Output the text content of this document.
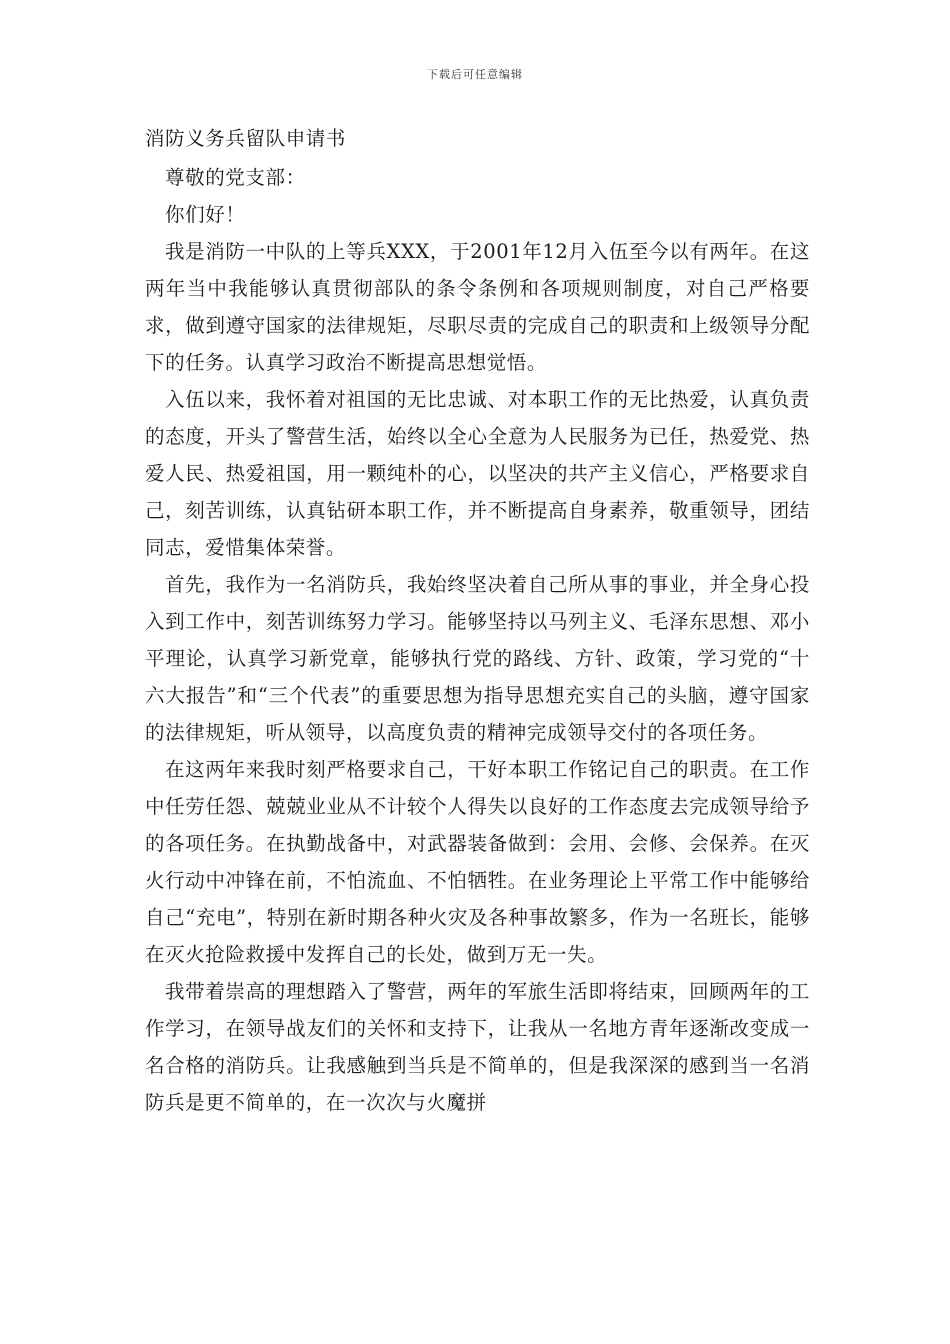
下载后可任意编辑

消防义务兵留队申请书

尊敬的党支部：

你们好！

我是消防一中队的上等兵XXX，于2001年12月入伍至今以有两年。在这两年当中我能够认真贯彻部队的条令条例和各项规则制度，对自己严格要求，做到遵守国家的法律规矩，尽职尽责的完成自己的职责和上级领导分配下的任务。认真学习政治不断提高思想觉悟。

入伍以来，我怀着对祖国的无比忠诚、对本职工作的无比热爱，认真负责的态度，开头了警营生活，始终以全心全意为人民服务为已任，热爱党、热爱人民、热爱祖国，用一颗纯朴的心，以坚决的共产主义信心，严格要求自己，刻苦训练，认真钻研本职工作，并不断提高自身素养，敬重领导，团结同志，爱惜集体荣誉。

首先，我作为一名消防兵，我始终坚决着自己所从事的事业，并全身心投入到工作中，刻苦训练努力学习。能够坚持以马列主义、毛泽东思想、邓小平理论，认真学习新党章，能够执行党的路线、方针、政策，学习党的“十六大报告”和“三个代表”的重要思想为指导思想充实自己的头脑，遵守国家的法律规矩，听从领导，以高度负责的精神完成领导交付的各项任务。

在这两年来我时刻严格要求自己，干好本职工作铭记自己的职责。在工作中任劳任怨、兢兢业业从不计较个人得失以良好的工作态度去完成领导给予的各项任务。在执勤战备中，对武器装备做到：会用、会修、会保养。在灭火行动中冲锋在前，不怕流血、不怕牺牲。在业务理论上平常工作中能够给自己“充电”，特别在新时期各种火灾及各种事故繁多，作为一名班长，能够在灭火抢险救援中发挥自己的长处，做到万无一失。

我带着崇高的理想踏入了警营，两年的军旅生活即将结束，回顾两年的工作学习，在领导战友们的关怀和支持下，让我从一名地方青年逐渐改变成一名合格的消防兵。让我感触到当兵是不简单的，但是我深深的感到当一名消防兵是更不简单的，在一次次与火魔拼
